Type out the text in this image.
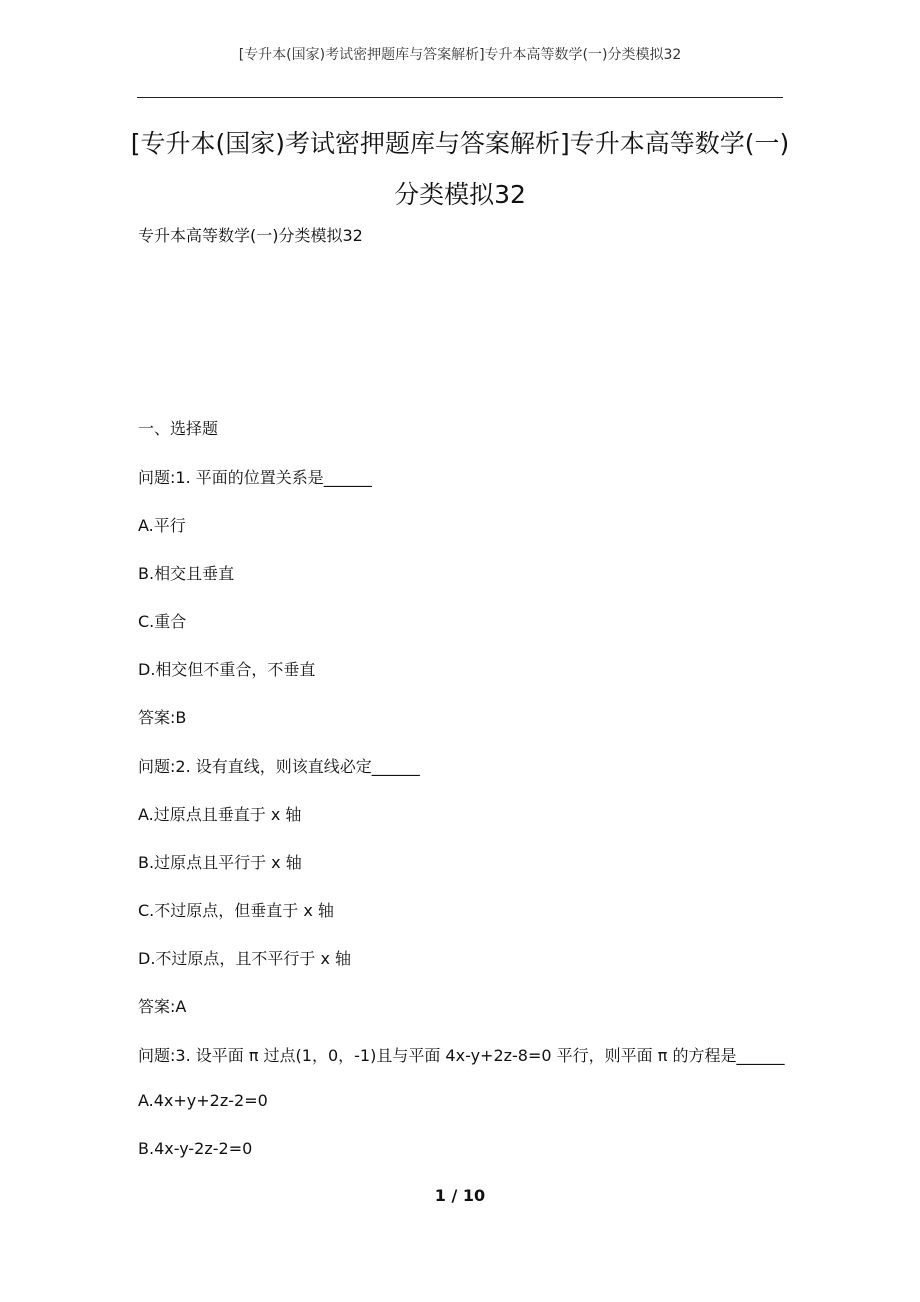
[专升本(国家)考试密押题库与答案解析]专升本高等数学(一)分类模拟32
[专升本(国家)考试密押题库与答案解析]专升本高等数学(一)分类模拟32
专升本高等数学(一)分类模拟32
一、选择题
问题:1. 平面的位置关系是______
A.平行
B.相交且垂直
C.重合
D.相交但不重合，不垂直
答案:B
问题:2. 设有直线，则该直线必定______
A.过原点且垂直于 x 轴
B.过原点且平行于 x 轴
C.不过原点，但垂直于 x 轴
D.不过原点，且不平行于 x 轴
答案:A
问题:3. 设平面 π 过点(1，0，-1)且与平面 4x-y+2z-8=0 平行，则平面 π 的方程是______
A.4x+y+2z-2=0
B.4x-y-2z-2=0
1 / 10
